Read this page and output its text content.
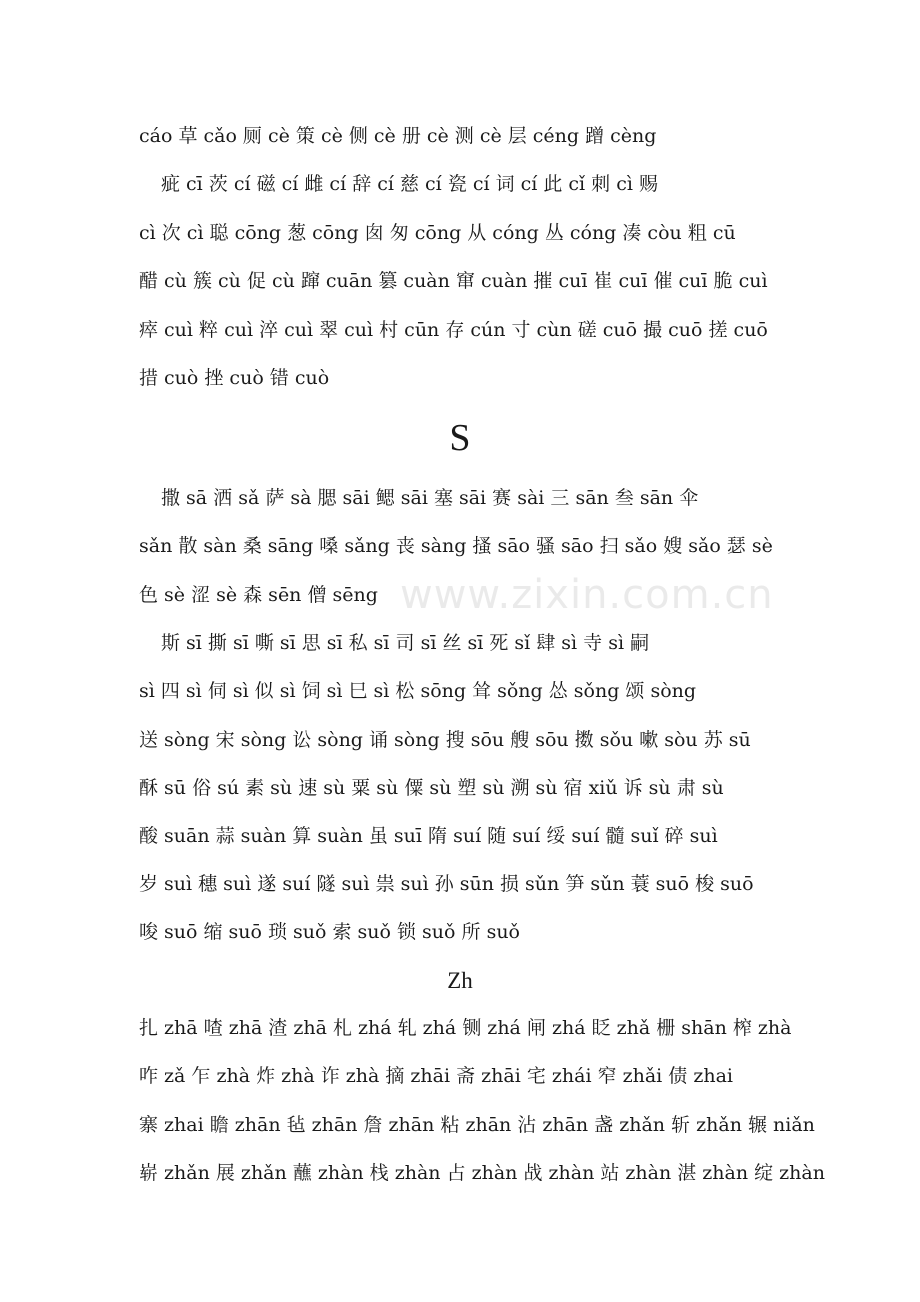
cáo 草 cǎo 厕 cè 策 cè 侧 cè 册 cè 测 cè 层 céng 蹭 cèng
疵 cī 茨 cí 磁 cí 雌 cí 辞 cí 慈 cí 瓷 cí 词 cí 此 cǐ 刺 cì 赐
cì 次 cì 聪 cōng 葱 cōng 囱 匆 cōng 从 cóng 丛 cóng 凑 còu 粗 cū
醋 cù 簇 cù 促 cù 蹿 cuān 篡 cuàn 窜 cuàn 摧 cuī 崔 cuī 催 cuī 脆 cuì
瘁 cuì 粹 cuì 淬 cuì 翠 cuì 村 cūn 存 cún 寸 cùn 磋 cuō 撮 cuō 搓 cuō
措 cuò 挫 cuò 错 cuò
S
撒 sā 洒 sǎ 萨 sà 腮 sāi 鳃 sāi 塞 sāi 赛 sài 三 sān 叁 sān 伞
sǎn 散 sàn 桑 sāng 嗓 sǎng 丧 sàng 搔 sāo 骚 sāo 扫 sǎo 嫂 sǎo 瑟 sè
色 sè 涩 sè 森 sēn 僧 sēng
斯 sī 撕 sī 嘶 sī 思 sī 私 sī 司 sī 丝 sī 死 sǐ 肆 sì 寺 sì 嗣
sì 四 sì 伺 sì 似 sì 饲 sì 巳 sì 松 sōng 耸 sǒng 怂 sǒng 颂 sòng
送 sòng 宋 sòng 讼 sòng 诵 sòng 搜 sōu 艘 sōu 擞 sǒu 嗽 sòu 苏 sū
酥 sū 俗 sú 素 sù 速 sù 粟 sù 僳 sù 塑 sù 溯 sù 宿 xiǔ 诉 sù 肃 sù
酸 suān 蒜 suàn 算 suàn 虽 suī 隋 suí 随 suí 绥 suí 髓 suǐ 碎 suì
岁 suì 穗 suì 遂 suí 隧 suì 祟 suì 孙 sūn 损 sǔn 笋 sǔn 蓑 suō 梭 suō
唆 suō 缩 suō 琐 suǒ 索 suǒ 锁 suǒ 所 suǒ
Zh
扎 zhā 喳 zhā 渣 zhā 札 zhá 轧 zhá 铡 zhá 闸 zhá 眨 zhǎ 栅 shān 榨 zhà
咋 zǎ 乍 zhà 炸 zhà 诈 zhà 摘 zhāi 斋 zhāi 宅 zhái 窄 zhǎi 债 zhai
寨 zhai 瞻 zhān 毡 zhān 詹 zhān 粘 zhān 沾 zhān 盏 zhǎn 斩 zhǎn 辗 niǎn
崭 zhǎn 展 zhǎn 蘸 zhàn 栈 zhàn 占 zhàn 战 zhàn 站 zhàn 湛 zhàn 绽 zhàn
www.zixin.com.cn
